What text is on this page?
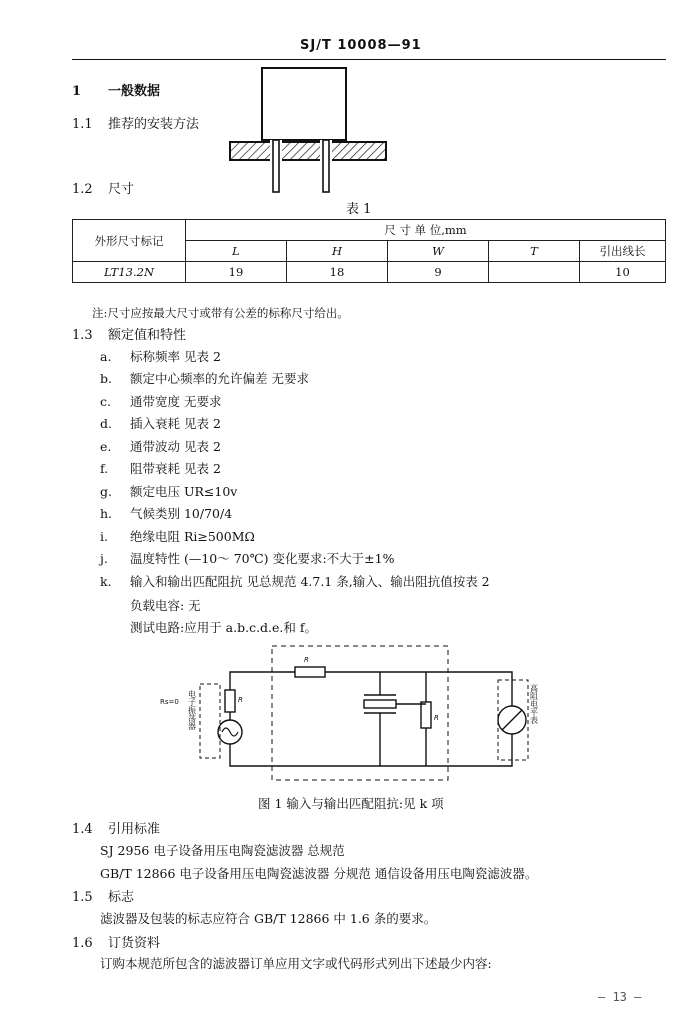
SJ/T 10008—91
1 一般数据
1.1 推荐的安装方法
1.2 尺寸
表 1
外形尺寸标记	尺 寸 单 位,mm				
	L	H	W	T	引出线长
LT13.2N	19	18	9		10
注:尺寸应按最大尺寸或带有公差的标称尺寸给出。
1.3 额定值和特性
a. 标称频率 见表 2
b. 额定中心频率的允许偏差 无要求
c. 通带宽度 无要求
d. 插入衰耗 见表 2
e. 通带波动 见表 2
f. 阻带衰耗 见表 2
g. 额定电压 UR≤10v
h. 气候类别 10/70/4
i. 绝缘电阻 Ri≥500MΩ
j. 温度特性 (—10～ 70℃) 变化要求:不大于±1%
k. 输入和输出匹配阻抗 见总规范 4.7.1 条,输入、输出阻抗值按表 2
负载电容: 无
测试电路:应用于 a.b.c.d.e.和 f。
Rs=0	R
R
R
电子振荡器	高阻电平表
图 1 输入与输出匹配阻抗:见 k 项
1.4 引用标准
SJ 2956 电子设备用压电陶瓷滤波器 总规范
GB/T 12866 电子设备用压电陶瓷滤波器 分规范 通信设备用压电陶瓷滤波器。
1.5 标志
滤波器及包装的标志应符合 GB/T 12866 中 1.6 条的要求。
1.6 订货资料
订购本规范所包含的滤波器订单应用文字或代码形式列出下述最少内容:
— 13 —
